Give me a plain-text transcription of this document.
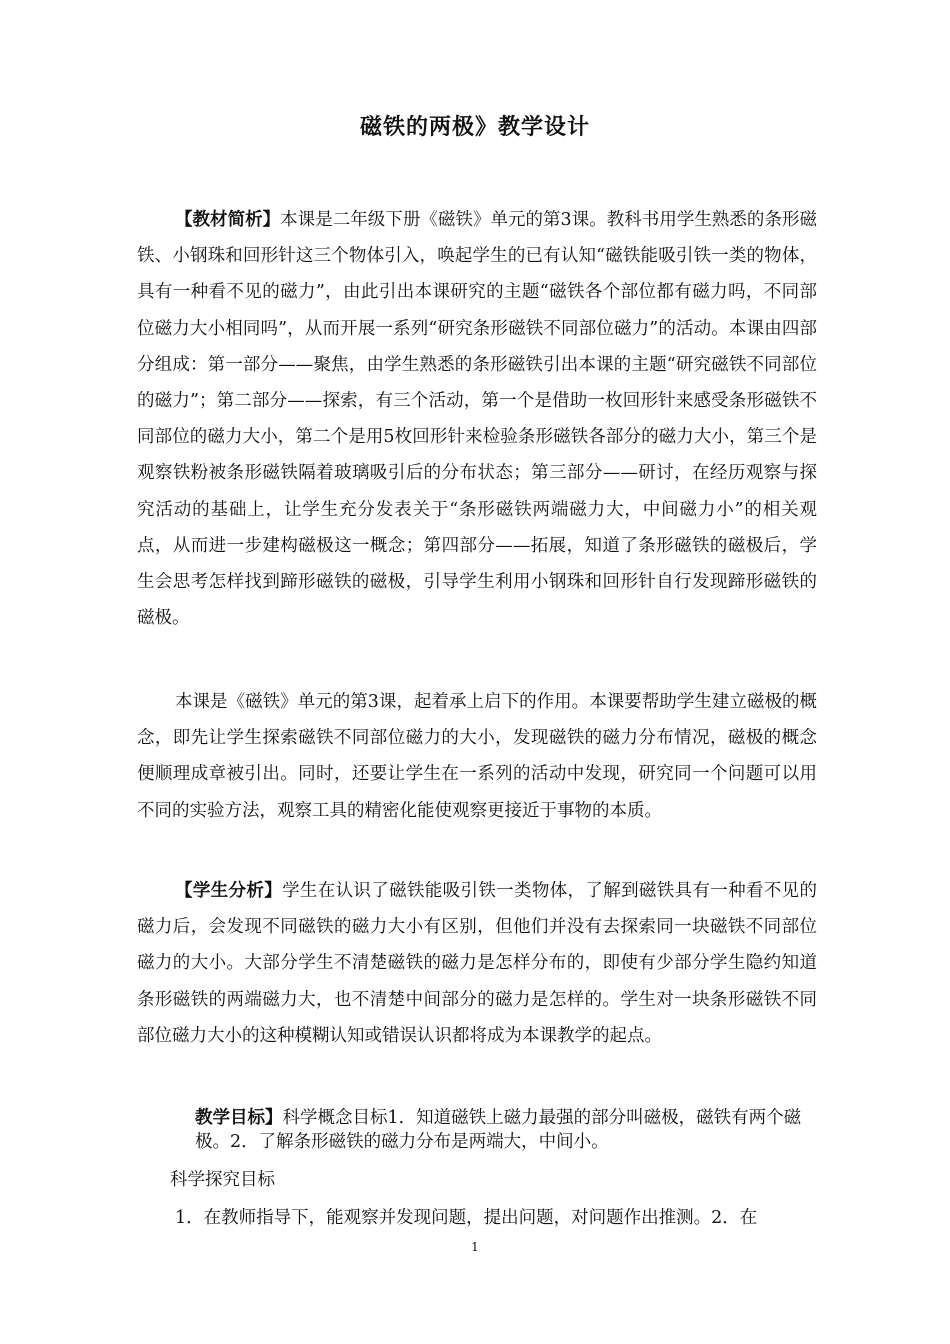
磁铁的两极》教学设计
【教材简析】本课是二年级下册《磁铁》单元的第3课。教科书用学生熟悉的条形磁铁、小钢珠和回形针这三个物体引入，唤起学生的已有认知“磁铁能吸引铁一类的物体，具有一种看不见的磁力”，由此引出本课研究的主题“磁铁各个部位都有磁力吗，不同部位磁力大小相同吗”，从而开展一系列“研究条形磁铁不同部位磁力”的活动。本课由四部分组成：第一部分——聚焦，由学生熟悉的条形磁铁引出本课的主题“研究磁铁不同部位的磁力”；第二部分——探索，有三个活动，第一个是借助一枚回形针来感受条形磁铁不同部位的磁力大小，第二个是用5枚回形针来检验条形磁铁各部分的磁力大小，第三个是观察铁粉被条形磁铁隔着玻璃吸引后的分布状态；第三部分——研讨，在经历观察与探究活动的基础上，让学生充分发表关于“条形磁铁两端磁力大，中间磁力小”的相关观点，从而进一步建构磁极这一概念；第四部分——拓展，知道了条形磁铁的磁极后，学生会思考怎样找到蹄形磁铁的磁极，引导学生利用小钢珠和回形针自行发现蹄形磁铁的磁极。
本课是《磁铁》单元的第3课，起着承上启下的作用。本课要帮助学生建立磁极的概念，即先让学生探索磁铁不同部位磁力的大小，发现磁铁的磁力分布情况，磁极的概念便顺理成章被引出。同时，还要让学生在一系列的活动中发现，研究同一个问题可以用不同的实验方法，观察工具的精密化能使观察更接近于事物的本质。
【学生分析】学生在认识了磁铁能吸引铁一类物体，了解到磁铁具有一种看不见的磁力后，会发现不同磁铁的磁力大小有区别，但他们并没有去探索同一块磁铁不同部位磁力的大小。大部分学生不清楚磁铁的磁力是怎样分布的，即使有少部分学生隐约知道条形磁铁的两端磁力大，也不清楚中间部分的磁力是怎样的。学生对一块条形磁铁不同部位磁力大小的这种模糊认知或错误认识都将成为本课教学的起点。
教学目标】科学概念目标1．知道磁铁上磁力最强的部分叫磁极，磁铁有两个磁极。2．了解条形磁铁的磁力分布是两端大，中间小。
科学探究目标
1．在教师指导下，能观察并发现问题，提出问题，对问题作出推测。2．在
1
